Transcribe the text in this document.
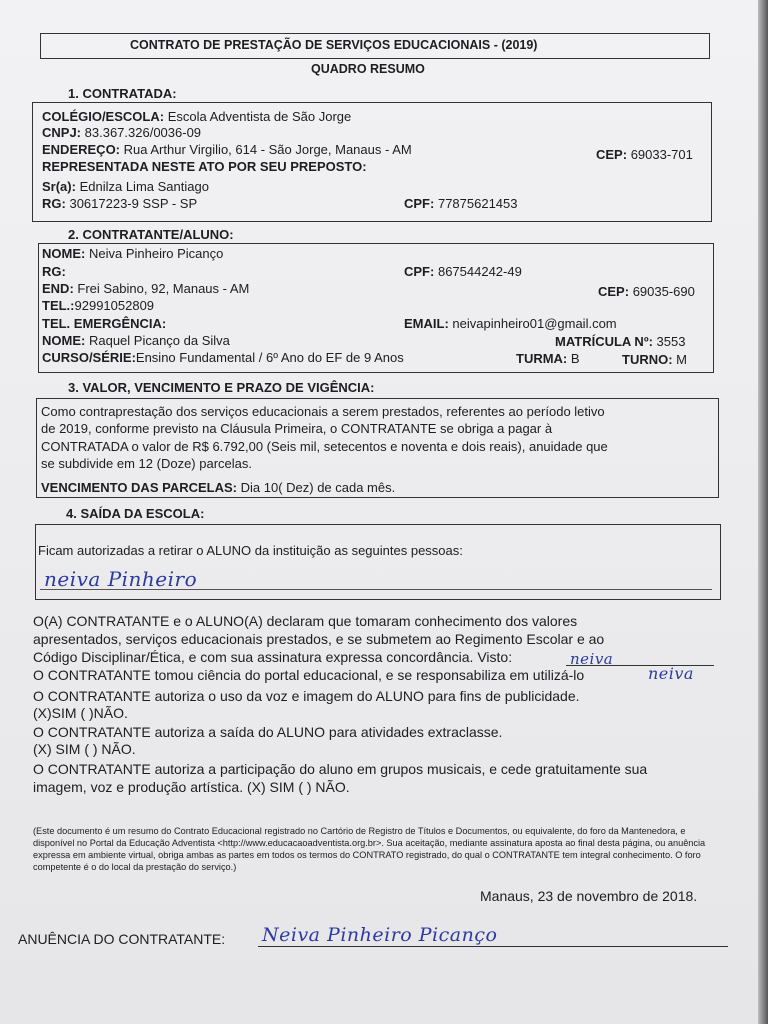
CONTRATO DE PRESTAÇÃO DE SERVIÇOS EDUCACIONAIS - (2019)
QUADRO RESUMO
1. CONTRATADA:
COLÉGIO/ESCOLA: Escola Adventista de São Jorge
CNPJ: 83.367.326/0036-09
ENDEREÇO: Rua Arthur Virgilio, 614 - São Jorge, Manaus - AM	CEP: 69033-701
REPRESENTADA NESTE ATO POR SEU PREPOSTO:
Sr(a): Ednilza Lima Santiago
RG: 30617223-9 SSP - SP	CPF: 77875621453
2. CONTRATANTE/ALUNO:
NOME: Neiva Pinheiro Picanço
RG:	CPF: 867544242-49
END: Frei Sabino, 92, Manaus - AM	CEP: 69035-690
TEL.:92991052809
TEL. EMERGÊNCIA:	EMAIL: neivapinheiro01@gmail.com
NOME: Raquel Picanço da Silva	MATRÍCULA Nº: 3553
CURSO/SÉRIE:Ensino Fundamental / 6º Ano do EF de 9 Anos	TURMA: B	TURNO: M
3. VALOR, VENCIMENTO E PRAZO DE VIGÊNCIA:
Como contraprestação dos serviços educacionais a serem prestados, referentes ao período letivo
de 2019, conforme previsto na Cláusula Primeira, o CONTRATANTE se obriga a pagar à
CONTRATADA o valor de R$ 6.792,00 (Seis mil, setecentos e noventa e dois reais), anuidade que
se subdivide em 12 (Doze) parcelas.
VENCIMENTO DAS PARCELAS: Dia 10( Dez) de cada mês.
4. SAÍDA DA ESCOLA:
Ficam autorizadas a retirar o ALUNO da instituição as seguintes pessoas:
neiva Pinheiro
O(A) CONTRATANTE e o ALUNO(A) declaram que tomaram conhecimento dos valores
apresentados, serviços educacionais prestados, e se submetem ao Regimento Escolar e ao
Código Disciplinar/Ética, e com sua assinatura expressa concordância. Visto:	neiva
O CONTRATANTE tomou ciência do portal educacional, e se responsabiliza em utilizá-lo	neiva
O CONTRATANTE autoriza o uso da voz e imagem do ALUNO para fins de publicidade.
(X)SIM ( )NÃO.
O CONTRATANTE autoriza a saída do ALUNO para atividades extraclasse.
(X) SIM ( ) NÃO.
O CONTRATANTE autoriza a participação do aluno em grupos musicais, e cede gratuitamente sua
imagem, voz e produção artística. (X) SIM ( ) NÃO.
(Este documento é um resumo do Contrato Educacional registrado no Cartório de Registro de Títulos e Documentos, ou equivalente, do foro da Mantenedora, e disponível no Portal da Educação Adventista <http://www.educacaoadventista.org.br>. Sua aceitação, mediante assinatura aposta ao final desta página, ou anuência expressa em ambiente virtual, obriga ambas as partes em todos os termos do CONTRATO registrado, do qual o CONTRATANTE tem integral conhecimento. O foro competente é o do local da prestação do serviço.)
Manaus, 23 de novembro de 2018.
ANUÊNCIA DO CONTRATANTE: Neiva Pinheiro Picanço
